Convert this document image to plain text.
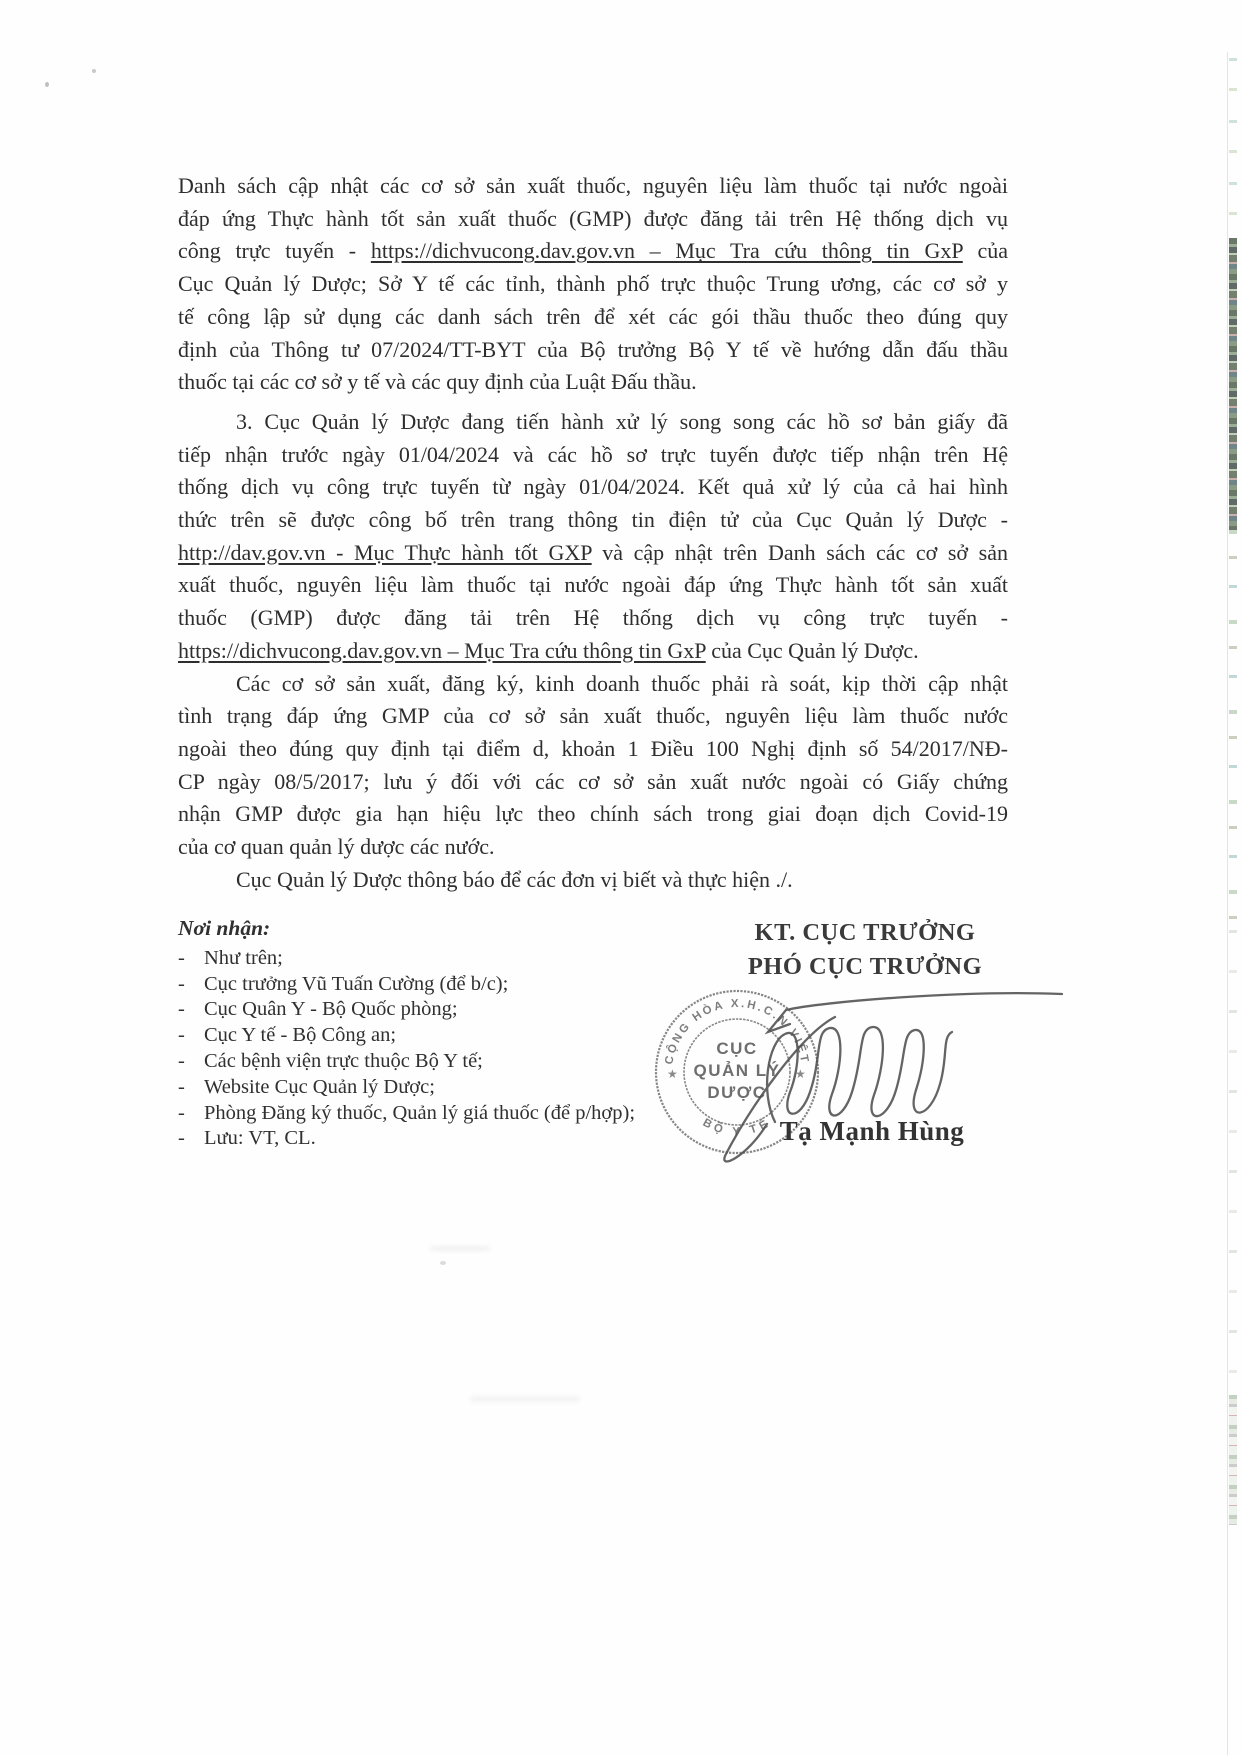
Danh sách cập nhật các cơ sở sản xuất thuốc, nguyên liệu làm thuốc tại nước ngoài
đáp ứng Thực hành tốt sản xuất thuốc (GMP) được đăng tải trên Hệ thống dịch vụ
công trực tuyến - https://dichvucong.dav.gov.vn – Mục Tra cứu thông tin GxP của
Cục Quản lý Dược; Sở Y tế các tỉnh, thành phố trực thuộc Trung ương, các cơ sở y
tế công lập sử dụng các danh sách trên để xét các gói thầu thuốc theo đúng quy
định của Thông tư 07/2024/TT-BYT của Bộ trưởng Bộ Y tế về hướng dẫn đấu thầu
thuốc tại các cơ sở y tế và các quy định của Luật Đấu thầu.
3. Cục Quản lý Dược đang tiến hành xử lý song song các hồ sơ bản giấy đã
tiếp nhận trước ngày 01/04/2024 và các hồ sơ trực tuyến được tiếp nhận trên Hệ
thống dịch vụ công trực tuyến từ ngày 01/04/2024. Kết quả xử lý của cả hai hình
thức trên sẽ được công bố trên trang thông tin điện tử của Cục Quản lý Dược -
http://dav.gov.vn - Mục Thực hành tốt GXP và cập nhật trên Danh sách các cơ sở sản
xuất thuốc, nguyên liệu làm thuốc tại nước ngoài đáp ứng Thực hành tốt sản xuất
thuốc (GMP) được đăng tải trên Hệ thống dịch vụ công trực tuyến -
https://dichvucong.dav.gov.vn – Mục Tra cứu thông tin GxP của Cục Quản lý Dược.
Các cơ sở sản xuất, đăng ký, kinh doanh thuốc phải rà soát, kịp thời cập nhật
tình trạng đáp ứng GMP của cơ sở sản xuất thuốc, nguyên liệu làm thuốc nước
ngoài theo đúng quy định tại điểm d, khoản 1 Điều 100 Nghị định số 54/2017/NĐ-
CP ngày 08/5/2017; lưu ý đối với các cơ sở sản xuất nước ngoài có Giấy chứng
nhận GMP được gia hạn hiệu lực theo chính sách trong giai đoạn dịch Covid-19
của cơ quan quản lý dược các nước.
Cục Quản lý Dược thông báo để các đơn vị biết và thực hiện ./.
Nơi nhận:
- Như trên;
- Cục trưởng Vũ Tuấn Cường (để b/c);
- Cục Quân Y - Bộ Quốc phòng;
- Cục Y tế - Bộ Công an;
- Các bệnh viện trực thuộc Bộ Y tế;
- Website Cục Quản lý Dược;
- Phòng Đăng ký thuốc, Quản lý giá thuốc (để p/hợp);
- Lưu: VT, CL.
KT. CỤC TRƯỞNG
PHÓ CỤC TRƯỞNG
CỘNG HÒA X.H.C.N VIỆT
BỘ Y TẾ
★	★
CỤC
QUẢN LÝ
DƯỢC
Tạ Mạnh Hùng
